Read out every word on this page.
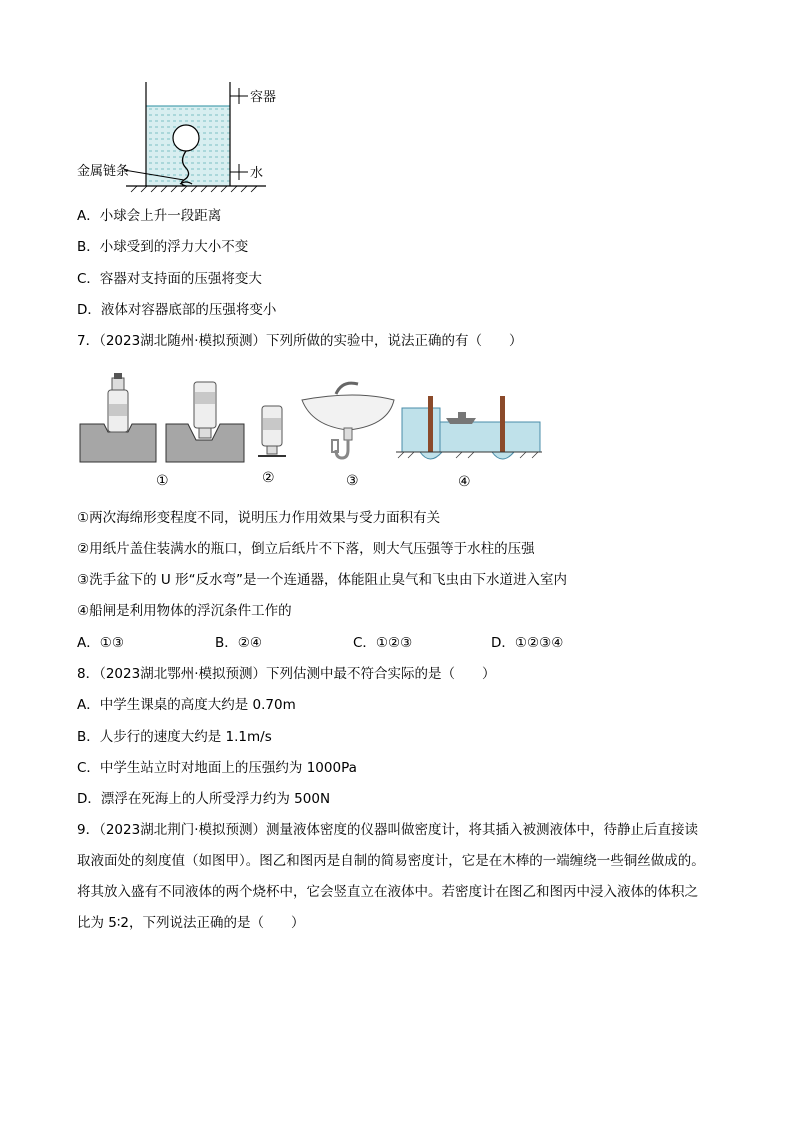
容器
金属链条	水
A．小球会上升一段距离
B．小球受到的浮力大小不变
C．容器对支持面的压强将变大
D．液体对容器底部的压强将变小
7．（2023湖北随州·模拟预测）下列所做的实验中，说法正确的有（　　）
①	②	③	④
①两次海绵形变程度不同，说明压力作用效果与受力面积有关
②用纸片盖住装满水的瓶口，倒立后纸片不下落，则大气压强等于水柱的压强
③洗手盆下的 U 形“反水弯”是一个连通器，体能阻止臭气和飞虫由下水道进入室内
④船闸是利用物体的浮沉条件工作的
A．①③	B．②④	C．①②③	D．①②③④
8．（2023湖北鄂州·模拟预测）下列估测中最不符合实际的是（　　）
A．中学生课桌的高度大约是 0.70m
B．人步行的速度大约是 1.1m/s
C．中学生站立时对地面上的压强约为 1000Pa
D．漂浮在死海上的人所受浮力约为 500N
9．（2023湖北荆门·模拟预测）测量液体密度的仪器叫做密度计，将其插入被测液体中，待静止后直接读
取液面处的刻度值（如图甲）。图乙和图丙是自制的简易密度计，它是在木棒的一端缠绕一些铜丝做成的。
将其放入盛有不同液体的两个烧杯中，它会竖直立在液体中。若密度计在图乙和图丙中浸入液体的体积之
比为 5∶2，下列说法正确的是（　　）
